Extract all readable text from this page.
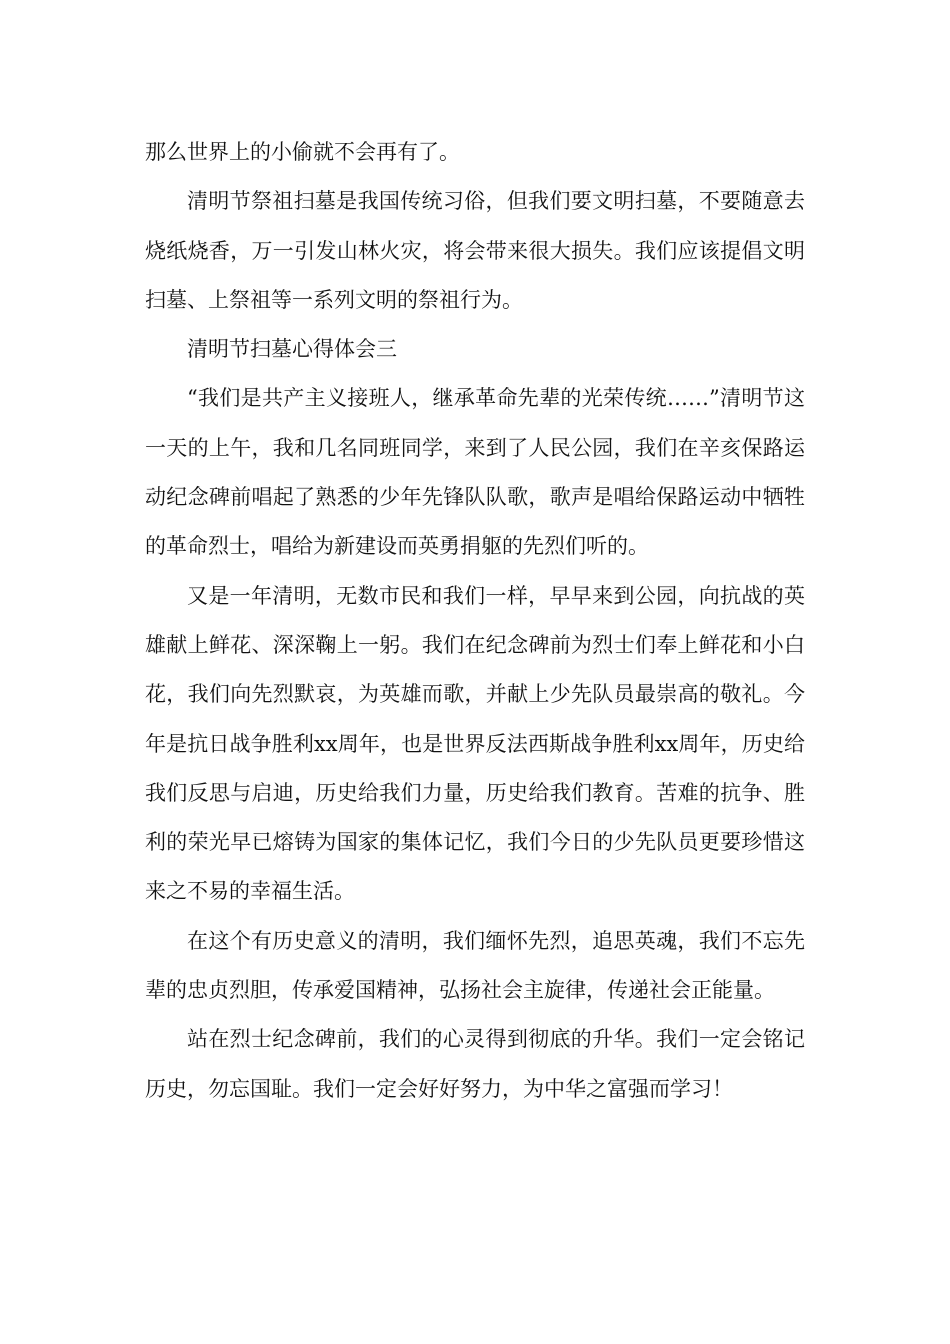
那么世界上的小偷就不会再有了。

清明节祭祖扫墓是我国传统习俗，但我们要文明扫墓，不要随意去烧纸烧香，万一引发山林火灾，将会带来很大损失。我们应该提倡文明扫墓、上祭祖等一系列文明的祭祖行为。

清明节扫墓心得体会三

“我们是共产主义接班人，继承革命先辈的光荣传统……”清明节这一天的上午，我和几名同班同学，来到了人民公园，我们在辛亥保路运动纪念碑前唱起了熟悉的少年先锋队队歌，歌声是唱给保路运动中牺牲的革命烈士，唱给为新建设而英勇捐躯的先烈们听的。

又是一年清明，无数市民和我们一样，早早来到公园，向抗战的英雄献上鲜花、深深鞠上一躬。我们在纪念碑前为烈士们奉上鲜花和小白花，我们向先烈默哀，为英雄而歌，并献上少先队员最崇高的敬礼。今年是抗日战争胜利xx周年，也是世界反法西斯战争胜利xx周年，历史给我们反思与启迪，历史给我们力量，历史给我们教育。苦难的抗争、胜利的荣光早已熔铸为国家的集体记忆，我们今日的少先队员更要珍惜这来之不易的幸福生活。

在这个有历史意义的清明，我们缅怀先烈，追思英魂，我们不忘先辈的忠贞烈胆，传承爱国精神，弘扬社会主旋律，传递社会正能量。

站在烈士纪念碑前，我们的心灵得到彻底的升华。我们一定会铭记历史，勿忘国耻。我们一定会好好努力，为中华之富强而学习！
